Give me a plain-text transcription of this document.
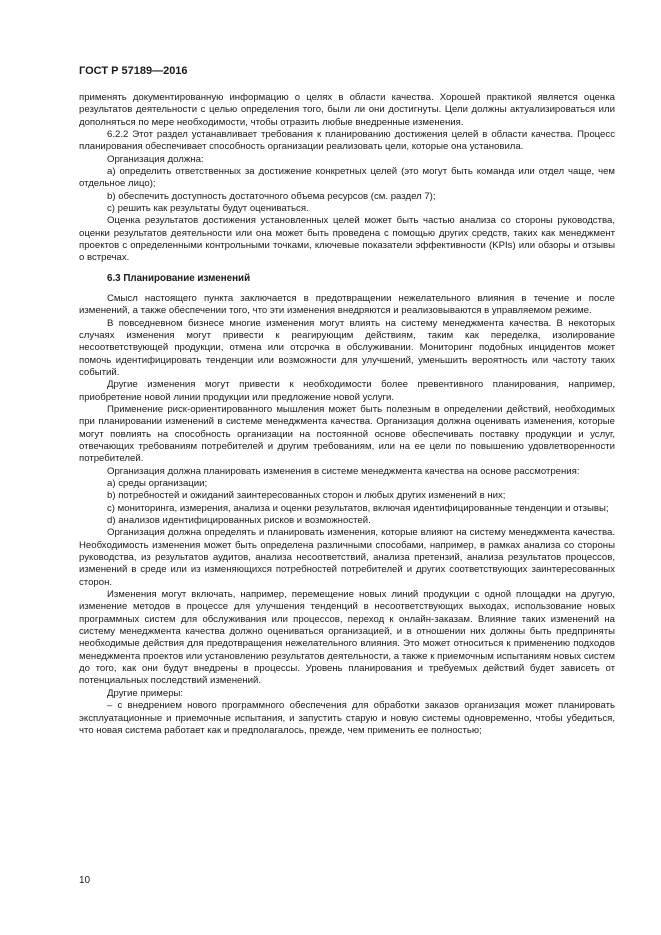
ГОСТ Р 57189—2016

применять документированную информацию о целях в области качества. Хорошей практикой является оценка результатов деятельности с целью определения того, были ли они достигнуты. Цели должны актуализироваться или дополняться по мере необходимости, чтобы отразить любые внедренные изменения.

6.2.2 Этот раздел устанавливает требования к планированию достижения целей в области качества. Процесс планирования обеспечивает способность организации реализовать цели, которые она установила.

Организация должна:

a) определить ответственных за достижение конкретных целей (это могут быть команда или отдел чаще, чем отдельное лицо);

b) обеспечить доступность достаточного объема ресурсов (см. раздел 7);

c) решить как результаты будут оцениваться.

Оценка результатов достижения установленных целей может быть частью анализа со стороны руководства, оценки результатов деятельности или она может быть проведена с помощью других средств, таких как менеджмент проектов с определенными контрольными точками, ключевые показатели эффективности (KPIs) или обзоры и отзывы о встречах.

6.3 Планирование изменений

Смысл настоящего пункта заключается в предотвращении нежелательного влияния в течение и после изменений, а также обеспечении того, что эти изменения внедряются и реализовываются в управляемом режиме.

В повседневном бизнесе многие изменения могут влиять на систему менеджмента качества. В некоторых случаях изменения могут привести к реагирующим действиям, таким как переделка, изолирование несоответствующей продукции, отмена или отсрочка в обслуживании. Мониторинг подобных инцидентов может помочь идентифицировать тенденции или возможности для улучшений, уменьшить вероятность или частоту таких событий.

Другие изменения могут привести к необходимости более превентивного планирования, например, приобретение новой линии продукции или предложение новой услуги.

Применение риск-ориентированного мышления может быть полезным в определении действий, необходимых при планировании изменений в системе менеджмента качества. Организация должна оценивать изменения, которые могут повлиять на способность организации на постоянной основе обеспечивать поставку продукции и услуг, отвечающих требованиям потребителей и другим требованиям, или на ее цели по повышению удовлетворенности потребителей.

Организация должна планировать изменения в системе менеджмента качества на основе рассмотрения:

a) среды организации;

b) потребностей и ожиданий заинтересованных сторон и любых других изменений в них;

c) мониторинга, измерения, анализа и оценки результатов, включая идентифицированные тенденции и отзывы;

d) анализов идентифицированных рисков и возможностей.

Организация должна определять и планировать изменения, которые влияют на систему менеджмента качества. Необходимость изменения может быть определена различными способами, например, в рамках анализа со стороны руководства, из результатов аудитов, анализа несоответствий, анализа претензий, анализа результатов процессов, изменений в среде или из изменяющихся потребностей потребителей и других соответствующих заинтересованных сторон.

Изменения могут включать, например, перемещение новых линий продукции с одной площадки на другую, изменение методов в процессе для улучшения тенденций в несоответствующих выходах, использование новых программных систем для обслуживания или процессов, переход к онлайн-заказам. Влияние таких изменений на систему менеджмента качества должно оцениваться организацией, и в отношении них должны быть предприняты необходимые действия для предотвращения нежелательного влияния. Это может относиться к применению подходов менеджмента проектов или установлению результатов деятельности, а также к приемочным испытаниям новых систем до того, как они будут внедрены в процессы. Уровень планирования и требуемых действий будет зависеть от потенциальных последствий изменений.

Другие примеры:

– с внедрением нового программного обеспечения для обработки заказов организация может планировать эксплуатационные и приемочные испытания, и запустить старую и новую системы одновременно, чтобы убедиться, что новая система работает как и предполагалось, прежде, чем применить ее полностью;

10
